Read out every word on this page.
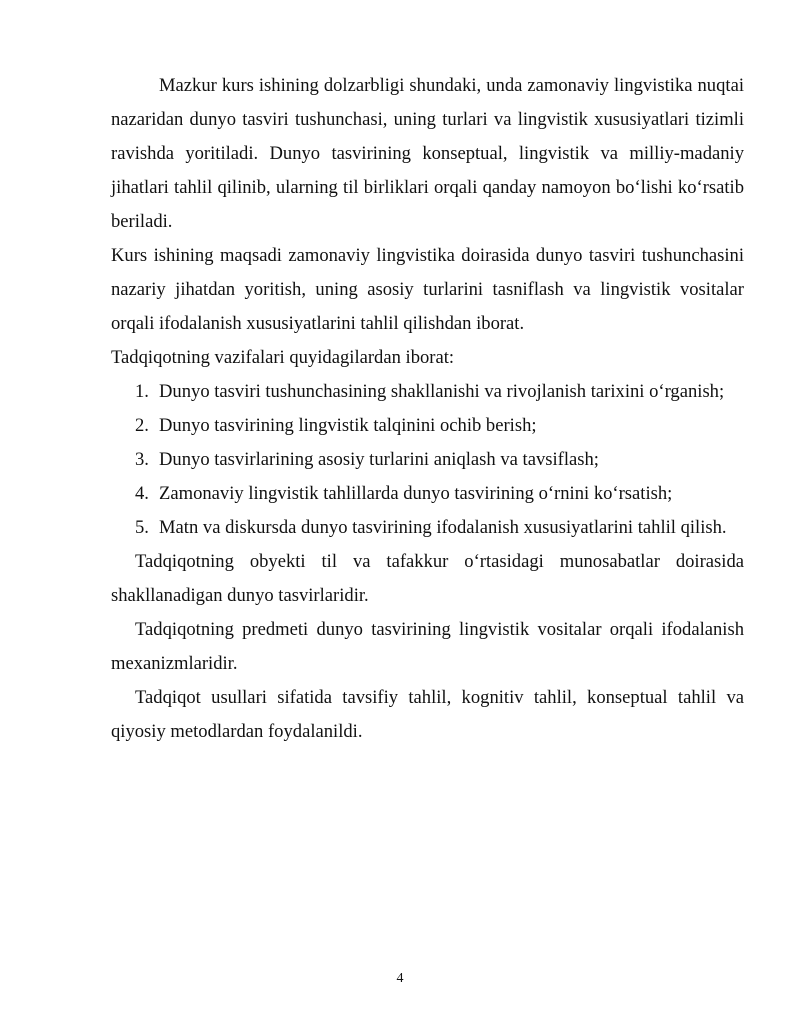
Mazkur kurs ishining dolzarbligi shundaki, unda zamonaviy lingvistika nuqtai nazaridan dunyo tasviri tushunchasi, uning turlari va lingvistik xususiyatlari tizimli ravishda yoritiladi. Dunyo tasvirining konseptual, lingvistik va milliy-madaniy jihatlari tahlil qilinib, ularning til birliklari orqali qanday namoyon bo‘lishi ko‘rsatib beriladi.

Kurs ishining maqsadi zamonaviy lingvistika doirasida dunyo tasviri tushunchasini nazariy jihatdan yoritish, uning asosiy turlarini tasniflash va lingvistik vositalar orqali ifodalanish xususiyatlarini tahlil qilishdan iborat.

Tadqiqotning vazifalari quyidagilardan iborat:

1. Dunyo tasviri tushunchasining shakllanishi va rivojlanish tarixini o‘rganish;
2. Dunyo tasvirining lingvistik talqinini ochib berish;
3. Dunyo tasvirlarining asosiy turlarini aniqlash va tavsiflash;
4. Zamonaviy lingvistik tahlillarda dunyo tasvirining o‘rnini ko‘rsatish;
5. Matn va diskursda dunyo tasvirining ifodalanish xususiyatlarini tahlil qilish.

Tadqiqotning obyekti til va tafakkur o‘rtasidagi munosabatlar doirasida shakllanadigan dunyo tasvirlaridir.

Tadqiqotning predmeti dunyo tasvirining lingvistik vositalar orqali ifodalanish mexanizmlaridir.

Tadqiqot usullari sifatida tavsifiy tahlil, kognitiv tahlil, konseptual tahlil va qiyosiy metodlardan foydalanildi.

4
